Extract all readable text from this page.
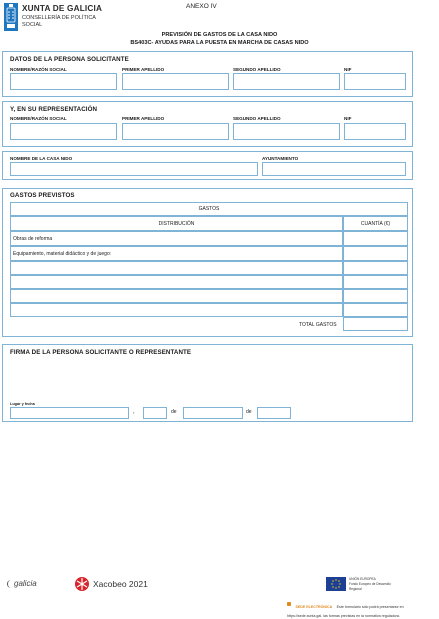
XUNTA DE GALICIA
CONSELLERÍA DE POLÍTICA
SOCIAL
ANEXO IV
PREVISIÓN DE GASTOS DE LA CASA NIDO
BS403C- AYUDAS PARA LA PUESTA EN MARCHA DE CASAS NIDO
DATOS DE LA PERSONA SOLICITANTE
NOMBRE/RAZÓN SOCIAL	PRIMER APELLIDO	SEGUNDO APELLIDO	NIF
Y, EN SU REPRESENTACIÓN
NOMBRE/RAZÓN SOCIAL	PRIMER APELLIDO	SEGUNDO APELLIDO	NIF
NOMBRE DE LA CASA NIDO	AYUNTAMIENTO
GASTOS PREVISTOS
GASTOS
DISTRIBUCIÓN	CUANTÍA (€)
Obras de reforma
Equipamiento, material didáctico y de juego:
TOTAL GASTOS
FIRMA DE LA PERSONA SOLICITANTE O REPRESENTANTE
Lugar y fecha
,	de	de
galicia	Xacobeo 2021	UNIÓN EUROPEA
Fondo Europeo de Desarrollo Regional
SEDE ELECTRÓNICA Este formulario sólo podrá presentarse en https://sede.xunta.gal. las formas previstas en la normativa reguladora.
